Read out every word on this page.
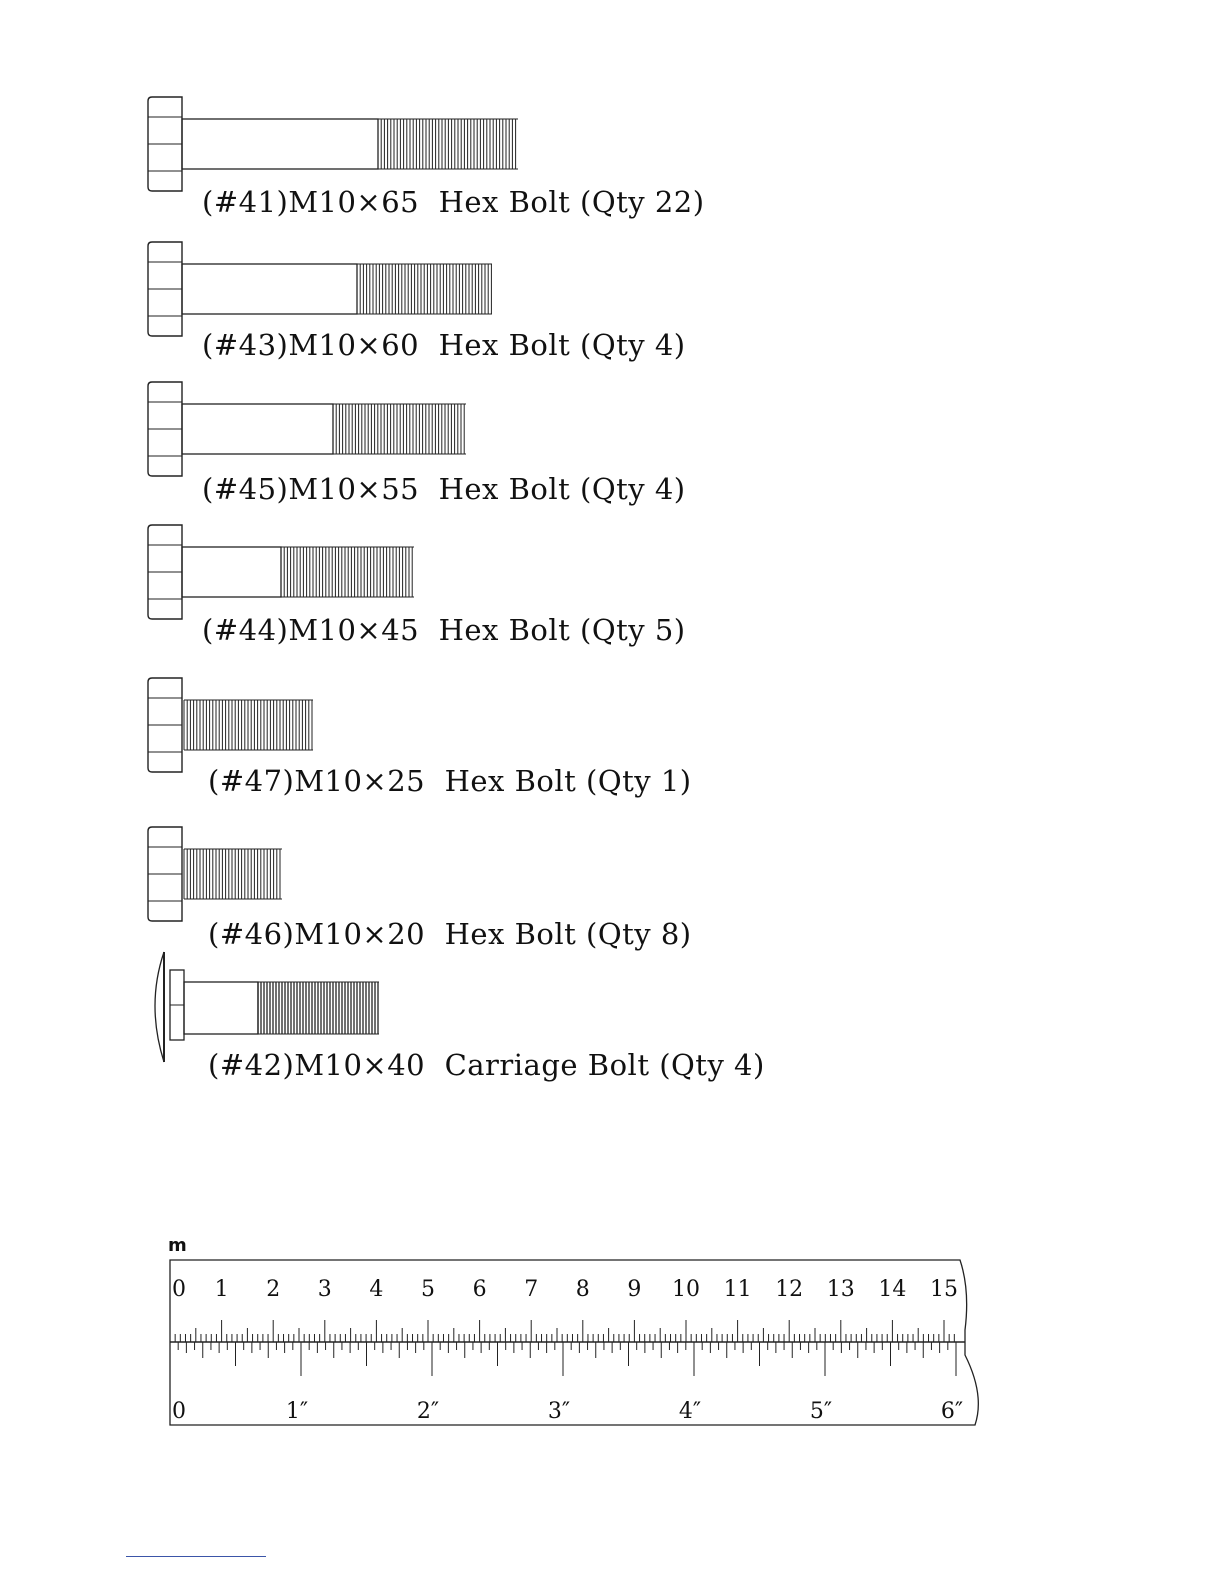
(#41)M10×65 Hex Bolt (Qty 22)
(#43)M10×60 Hex Bolt (Qty 4)
(#45)M10×55 Hex Bolt (Qty 4)
(#44)M10×45 Hex Bolt (Qty 5)
(#47)M10×25 Hex Bolt (Qty 1)
(#46)M10×20 Hex Bolt (Qty 8)
(#42)M10×40 Carriage Bolt (Qty 4)
m
0 1 2 3 4 5 6 7 8 9 10 11 12 13 14 15
0	1″	2″	3″	4″	5″	6″
